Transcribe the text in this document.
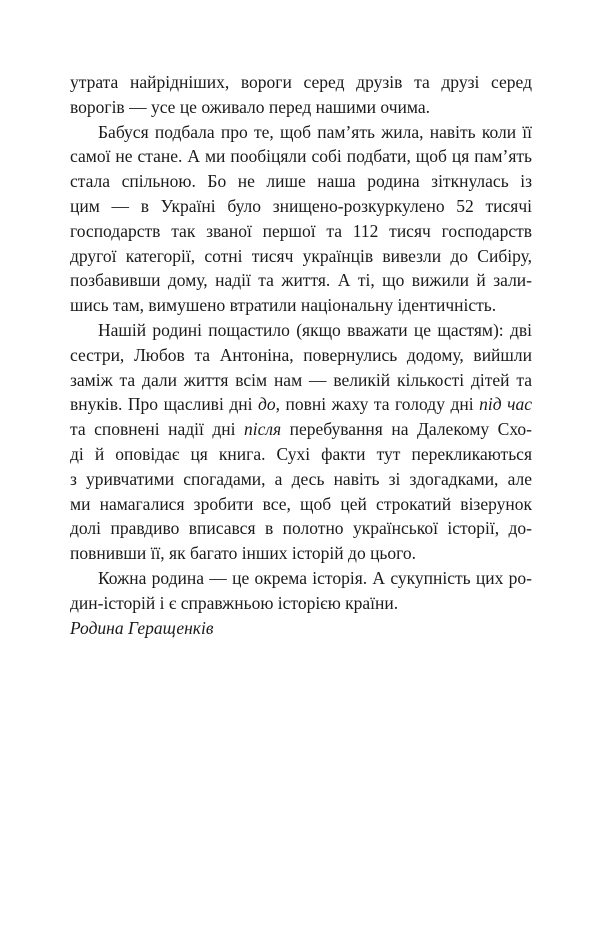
утрата найрідніших, вороги серед друзів та друзі серед
ворогів — усе це оживало перед нашими очима.
Бабуся подбала про те, щоб пам’ять жила, навіть коли її
самої не стане. А ми пообіцяли собі подбати, щоб ця пам’ять
стала спільною. Бо не лише наша родина зіткнулась із
цим — в Україні було знищено-розкуркулено 52 тисячі
господарств так званої першої та 112 тисяч господарств
другої категорії, сотні тисяч українців вивезли до Сибіру,
позбавивши дому, надії та життя. А ті, що вижили й зали-
шись там, вимушено втратили національну ідентичність.
Нашій родині пощастило (якщо вважати це щастям): дві
сестри, Любов та Антоніна, повернулись додому, вийшли
заміж та дали життя всім нам — великій кількості дітей та
внуків. Про щасливі дні до, повні жаху та голоду дні під час
та сповнені надії дні після перебування на Далекому Схо-
ді й оповідає ця книга. Сухі факти тут перекликаються
з уривчатими спогадами, а десь навіть зі здогадками, але
ми намагалися зробити все, щоб цей строкатий візерунок
долі правдиво вписався в полотно української історії, до-
повнивши її, як багато інших історій до цього.
Кожна родина — це окрема історія. А сукупність цих ро-
дин-історій і є справжньою історією країни.
Родина Геращенків
